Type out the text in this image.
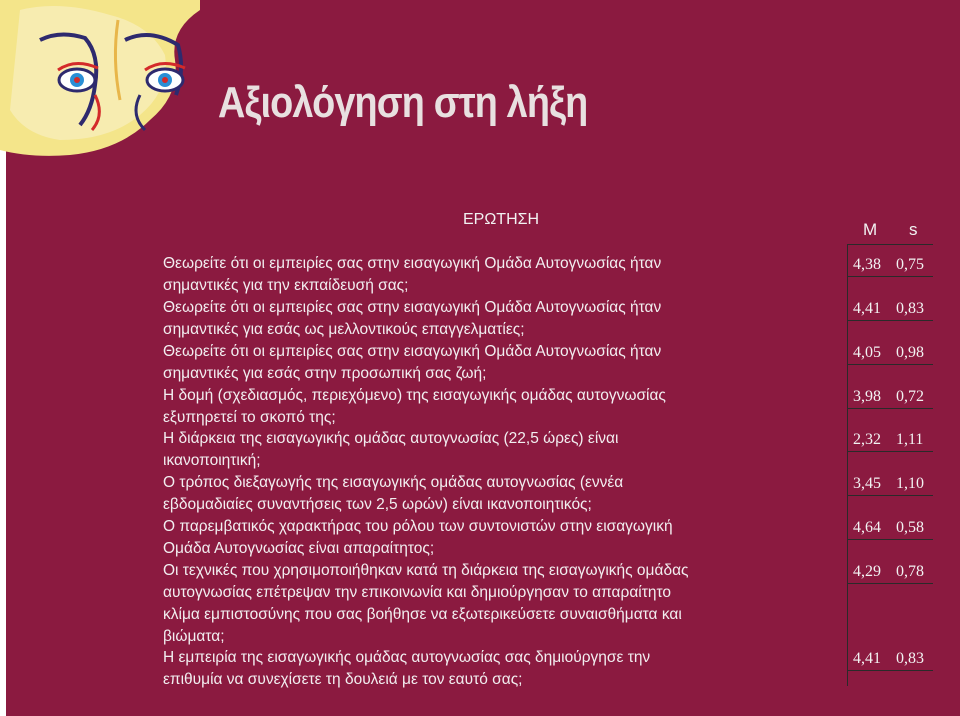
Αξιολόγηση στη λήξη
ΕΡΩΤΗΣΗ
M s
Θεωρείτε ότι οι εμπειρίες σας στην εισαγωγική Ομάδα Αυτογνωσίας ήταν
σημαντικές για την εκπαίδευσή σας;
4,38 0,75
Θεωρείτε ότι οι εμπειρίες σας στην εισαγωγική Ομάδα Αυτογνωσίας ήταν
σημαντικές για εσάς ως μελλοντικούς επαγγελματίες;
4,41 0,83
Θεωρείτε ότι οι εμπειρίες σας στην εισαγωγική Ομάδα Αυτογνωσίας ήταν
σημαντικές για εσάς στην προσωπική σας ζωή;
4,05 0,98
Η δομή (σχεδιασμός, περιεχόμενο) της εισαγωγικής ομάδας αυτογνωσίας
εξυπηρετεί το σκοπό της;
3,98 0,72
Η διάρκεια της εισαγωγικής ομάδας αυτογνωσίας (22,5 ώρες) είναι
ικανοποιητική;
2,32 1,11
Ο τρόπος διεξαγωγής της εισαγωγικής ομάδας αυτογνωσίας (εννέα
εβδομαδιαίες συναντήσεις των 2,5 ωρών) είναι ικανοποιητικός;
3,45 1,10
Ο παρεμβατικός χαρακτήρας του ρόλου των συντονιστών στην εισαγωγική
Ομάδα Αυτογνωσίας είναι απαραίτητος;
4,64 0,58
Οι τεχνικές που χρησιμοποιήθηκαν κατά τη διάρκεια της εισαγωγικής ομάδας
αυτογνωσίας επέτρεψαν την επικοινωνία και δημιούργησαν το απαραίτητο
κλίμα εμπιστοσύνης που σας βοήθησε να εξωτερικεύσετε συναισθήματα και
βιώματα;
4,29 0,78
Η εμπειρία της εισαγωγικής ομάδας αυτογνωσίας σας δημιούργησε την
επιθυμία να συνεχίσετε τη δουλειά με τον εαυτό σας;
4,41 0,83
